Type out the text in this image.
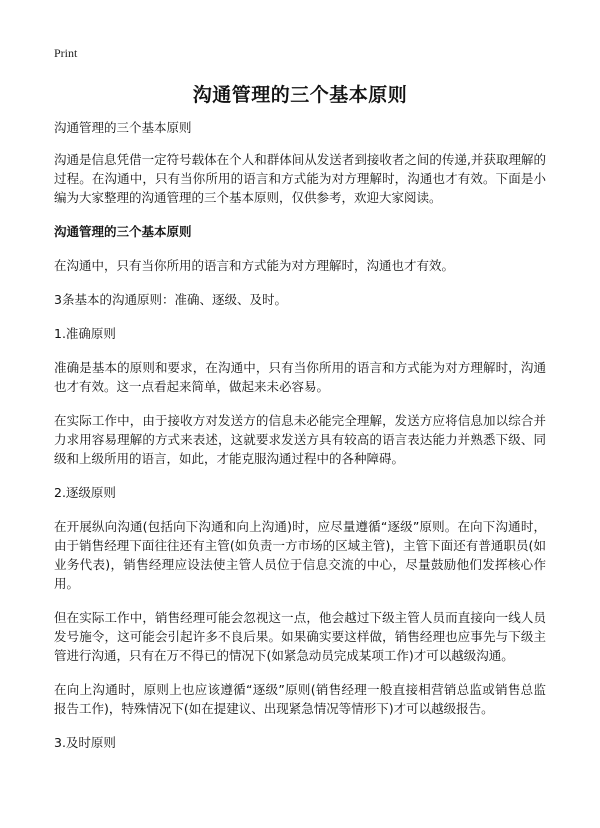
Print
沟通管理的三个基本原则

沟通管理的三个基本原则

沟通是信息凭借一定符号载体在个人和群体间从发送者到接收者之间的传递,并获取理解的过程。在沟通中，只有当你所用的语言和方式能为对方理解时，沟通也才有效。下面是小编为大家整理的沟通管理的三个基本原则，仅供参考，欢迎大家阅读。

沟通管理的三个基本原则

在沟通中，只有当你所用的语言和方式能为对方理解时，沟通也才有效。

3条基本的沟通原则：准确、逐级、及时。

1.准确原则

准确是基本的原则和要求，在沟通中，只有当你所用的语言和方式能为对方理解时，沟通也才有效。这一点看起来简单，做起来未必容易。

在实际工作中，由于接收方对发送方的信息未必能完全理解，发送方应将信息加以综合并力求用容易理解的方式来表述，这就要求发送方具有较高的语言表达能力并熟悉下级、同级和上级所用的语言，如此，才能克服沟通过程中的各种障碍。

2.逐级原则

在开展纵向沟通(包括向下沟通和向上沟通)时，应尽量遵循“逐级”原则。在向下沟通时，由于销售经理下面往往还有主管(如负责一方市场的区域主管)，主管下面还有普通职员(如业务代表)，销售经理应设法使主管人员位于信息交流的中心，尽量鼓励他们发挥核心作用。

但在实际工作中，销售经理可能会忽视这一点，他会越过下级主管人员而直接向一线人员发号施令，这可能会引起许多不良后果。如果确实要这样做，销售经理也应事先与下级主管进行沟通，只有在万不得已的情况下(如紧急动员完成某项工作)才可以越级沟通。

在向上沟通时，原则上也应该遵循“逐级”原则(销售经理一般直接相营销总监或销售总监报告工作)，特殊情况下(如在提建议、出现紧急情况等情形下)才可以越级报告。

3.及时原则
